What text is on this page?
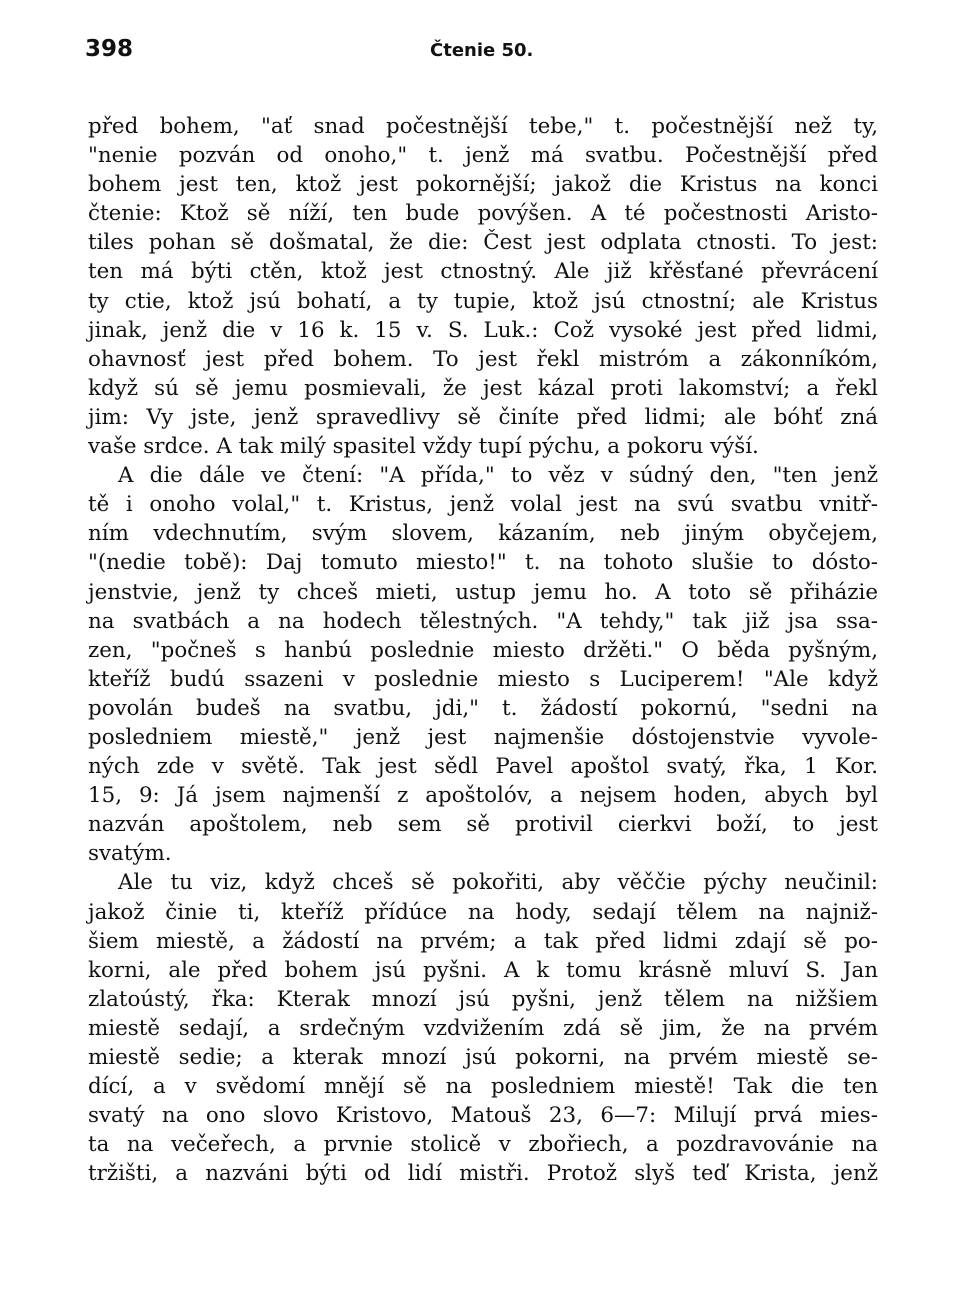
398	Čtenie 50.
před bohem, "ať snad počestnější tebe," t. počestnější než ty,
"nenie pozván od onoho," t. jenž má svatbu. Počestnější před
bohem jest ten, ktož jest pokornější; jakož die Kristus na konci
čtenie: Ktož sě níží, ten bude povýšen. A té počestnosti Aristo-
tiles pohan sě došmatal, že die: Čest jest odplata ctnosti. To jest:
ten má býti ctěn, ktož jest ctnostný. Ale již křěsťané převrácení
ty ctie, ktož jsú bohatí, a ty tupie, ktož jsú ctnostní; ale Kristus
jinak, jenž die v 16 k. 15 v. S. Luk.: Což vysoké jest před lidmi,
ohavnosť jest před bohem. To jest řekl mistróm a zákonníkóm,
když sú sě jemu posmievali, že jest kázal proti lakomství; a řekl
jim: Vy jste, jenž spravedlivy sě činíte před lidmi; ale bóhť zná
vaše srdce. A tak milý spasitel vždy tupí pýchu, a pokoru výší.
A die dále ve čtení: "A přída," to věz v súdný den, "ten jenž
tě i onoho volal," t. Kristus, jenž volal jest na svú svatbu vnitř-
ním vdechnutím, svým slovem, kázaním, neb jiným obyčejem,
"(nedie tobě): Daj tomuto miesto!" t. na tohoto slušie to dósto-
jenstvie, jenž ty chceš mieti, ustup jemu ho. A toto sě přiházie
na svatbách a na hodech tělestných. "A tehdy," tak již jsa ssa-
zen, "počneš s hanbú poslednie miesto držěti." O běda pyšným,
kteříž budú ssazeni v poslednie miesto s Luciperem! "Ale když
povolán budeš na svatbu, jdi," t. žádostí pokornú, "sedni na
posledniem miestě," jenž jest najmenšie dóstojenstvie vyvole-
ných zde v světě. Tak jest sědl Pavel apoštol svatý, řka, 1 Kor.
15, 9: Já jsem najmenší z apoštolóv, a nejsem hoden, abych byl
nazván apoštolem, neb sem sě protivil cierkvi boží, to jest
svatým.
Ale tu viz, když chceš sě pokořiti, aby věččie pýchy neučinil:
jakož činie ti, kteříž přídúce na hody, sedají tělem na najniž-
šiem miestě, a žádostí na prvém; a tak před lidmi zdají sě po-
korni, ale před bohem jsú pyšni. A k tomu krásně mluví S. Jan
zlatoústý, řka: Kterak mnozí jsú pyšni, jenž tělem na nižšiem
miestě sedají, a srdečným vzdvižením zdá sě jim, že na prvém
miestě sedie; a kterak mnozí jsú pokorni, na prvém miestě se-
dící, a v svědomí mnějí sě na posledniem miestě! Tak die ten
svatý na ono slovo Kristovo, Matouš 23, 6—7: Milují prvá mies-
ta na večeřech, a prvnie stolicě v zbořiech, a pozdravovánie na
tržišti, a nazváni býti od lidí mistři. Protož slyš teď Krista, jenž
